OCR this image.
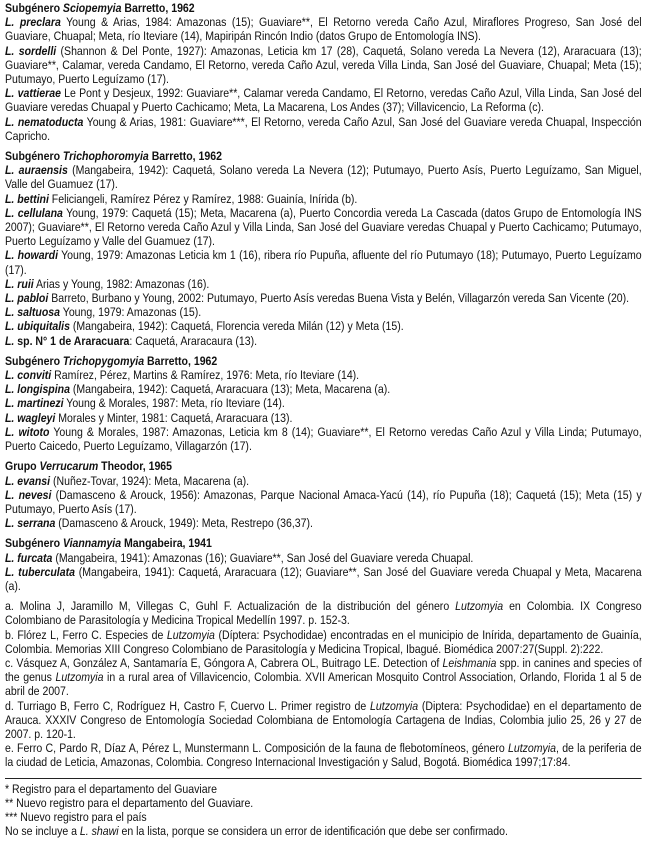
Subgénero Sciopemyia Barretto, 1962
L. preclara Young & Arias, 1984: Amazonas (15); Guaviare**, El Retorno vereda Caño Azul, Miraflores Progreso, San José del Guaviare, Chuapal; Meta, río Iteviare (14), Mapiripán Rincón Indio (datos Grupo de Entomología INS).
L. sordelli (Shannon & Del Ponte, 1927): Amazonas, Leticia km 17 (28), Caquetá, Solano vereda La Nevera (12), Araracuara (13); Guaviare**, Calamar, vereda Candamo, El Retorno, vereda Caño Azul, vereda Villa Linda, San José del Guaviare, Chuapal; Meta (15); Putumayo, Puerto Leguízamo (17).
L. vattierae Le Pont y Desjeux, 1992: Guaviare**, Calamar vereda Candamo, El Retorno, veredas Caño Azul, Villa Linda, San José del Guaviare veredas Chuapal y Puerto Cachicamo; Meta, La Macarena, Los Andes (37); Villavicencio, La Reforma (c).
L. nematoducta Young & Arias, 1981: Guaviare***, El Retorno, vereda Caño Azul, San José del Guaviare vereda Chuapal, Inspección Capricho.
Subgénero Trichophoromyia Barretto, 1962
L. auraensis (Mangabeira, 1942): Caquetá, Solano vereda La Nevera (12); Putumayo, Puerto Asís, Puerto Leguízamo, San Miguel, Valle del Guamuez (17).
L. bettini Feliciangeli, Ramírez Pérez y Ramírez, 1988: Guainía, Inírida (b).
L. cellulana Young, 1979: Caquetá (15); Meta, Macarena (a), Puerto Concordia vereda La Cascada (datos Grupo de Entomología INS 2007); Guaviare**, El Retorno vereda Caño Azul y Villa Linda, San José del Guaviare veredas Chuapal y Puerto Cachicamo; Putumayo, Puerto Leguízamo y Valle del Guamuez (17).
L. howardi Young, 1979: Amazonas Leticia km 1 (16), ribera río Pupuña, afluente del río Putumayo (18); Putumayo, Puerto Leguízamo (17).
L. ruii Arias y Young, 1982: Amazonas (16).
L. pabloi Barreto, Burbano y Young, 2002: Putumayo, Puerto Asís veredas Buena Vista y Belén, Villagarzón vereda San Vicente (20).
L. saltuosa Young, 1979: Amazonas (15).
L. ubiquitalis (Mangabeira, 1942): Caquetá, Florencia vereda Milán (12) y Meta (15).
L. sp. N° 1 de Araracuara: Caquetá, Araracaura (13).
Subgénero Trichopygomyia Barretto, 1962
L. conviti Ramírez, Pérez, Martins & Ramírez, 1976: Meta, río Iteviare (14).
L. longispina (Mangabeira, 1942): Caquetá, Araracuara (13); Meta, Macarena (a).
L. martinezi Young & Morales, 1987: Meta, río Iteviare (14).
L. wagleyi Morales y Minter, 1981: Caquetá, Araracuara (13).
L. witoto Young & Morales, 1987: Amazonas, Leticia km 8 (14); Guaviare**, El Retorno veredas Caño Azul y Villa Linda; Putumayo, Puerto Caicedo, Puerto Leguízamo, Villagarzón (17).
Grupo Verrucarum Theodor, 1965
L. evansi (Nuñez-Tovar, 1924): Meta, Macarena (a).
L. nevesi (Damasceno & Arouck, 1956): Amazonas, Parque Nacional Amaca-Yacú (14), río Pupuña (18); Caquetá (15); Meta (15) y Putumayo, Puerto Asís (17).
L. serrana (Damasceno & Arouck, 1949): Meta, Restrepo (36,37).
Subgénero Viannamyia Mangabeira, 1941
L. furcata (Mangabeira, 1941): Amazonas (16); Guaviare**, San José del Guaviare vereda Chuapal.
L. tuberculata (Mangabeira, 1941): Caquetá, Araracuara (12); Guaviare**, San José del Guaviare vereda Chuapal y Meta, Macarena (a).
a. Molina J, Jaramillo M, Villegas C, Guhl F. Actualización de la distribución del género Lutzomyia en Colombia. IX Congreso Colombiano de Parasitología y Medicina Tropical Medellín 1997. p. 152-3.
b. Flórez L, Ferro C. Especies de Lutzomyia (Díptera: Psychodidae) encontradas en el municipio de Inírida, departamento de Guainía, Colombia. Memorias XIII Congreso Colombiano de Parasitología y Medicina Tropical, Ibagué. Biomédica 2007:27(Suppl. 2):222.
c. Vásquez A, González A, Santamaría E, Góngora A, Cabrera OL, Buitrago LE. Detection of Leishmania spp. in canines and species of the genus Lutzomyia in a rural area of Villavicencio, Colombia. XVII American Mosquito Control Association, Orlando, Florida 1 al 5 de abril de 2007.
d. Turriago B, Ferro C, Rodríguez H, Castro F, Cuervo L. Primer registro de Lutzomyia (Diptera: Psychodidae) en el departamento de Arauca. XXXIV Congreso de Entomología Sociedad Colombiana de Entomología Cartagena de Indias, Colombia julio 25, 26 y 27 de 2007. p. 120-1.
e. Ferro C, Pardo R, Díaz A, Pérez L, Munstermann L. Composición de la fauna de flebotomíneos, género Lutzomyia, de la periferia de la ciudad de Leticia, Amazonas, Colombia. Congreso Internacional Investigación y Salud, Bogotá. Biomédica 1997;17:84.
* Registro para el departamento del Guaviare
** Nuevo registro para el departamento del Guaviare.
*** Nuevo registro para el país
No se incluye a L. shawi en la lista, porque se considera un error de identificación que debe ser confirmado.
